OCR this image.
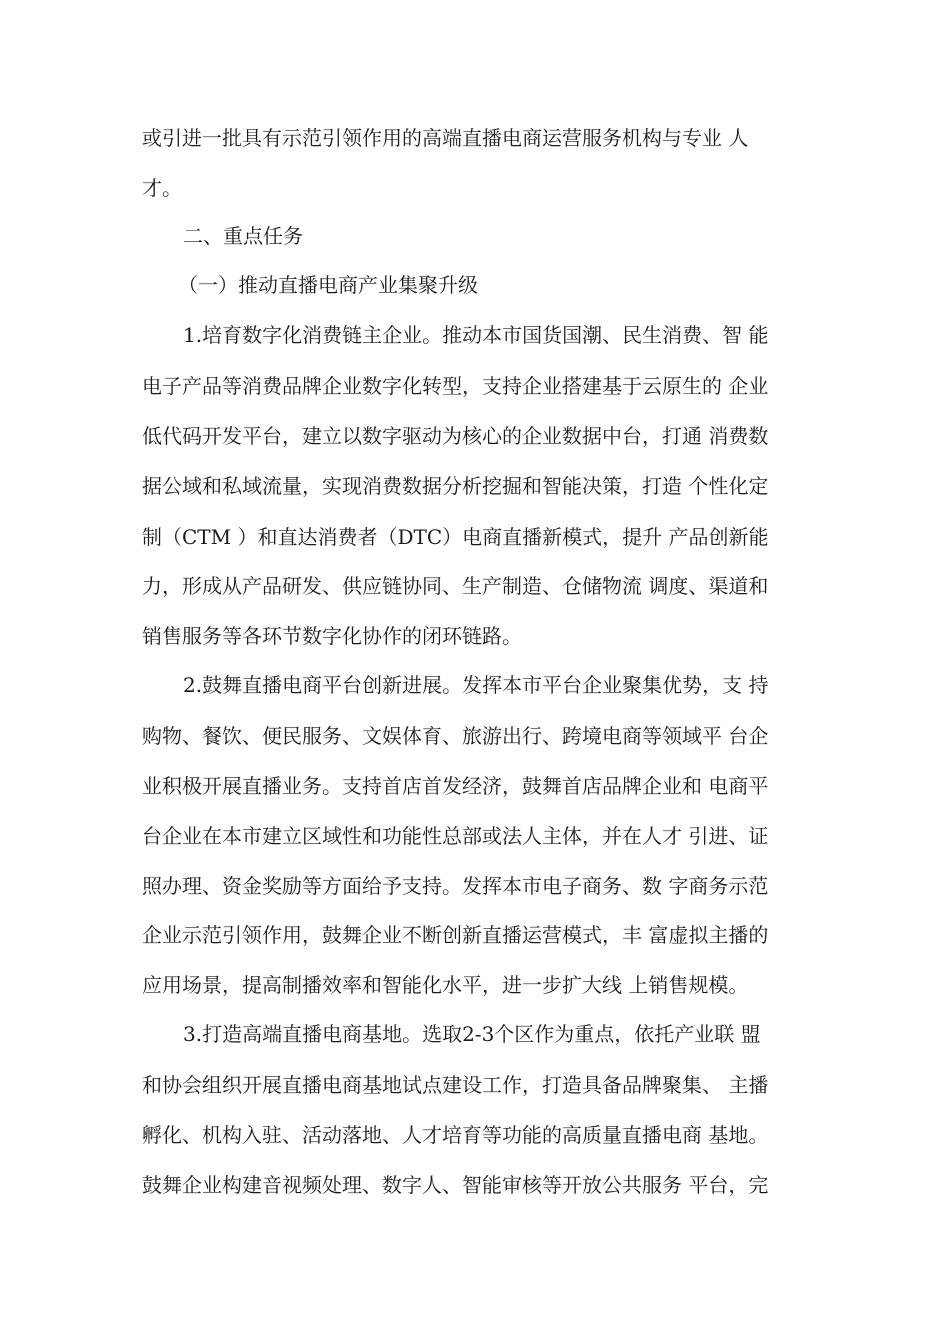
或引进一批具有示范引领作用的高端直播电商运营服务机构与专业 人
才。
二、重点任务
（一）推动直播电商产业集聚升级
1.培育数字化消费链主企业。推动本市国货国潮、民生消费、智 能
电子产品等消费品牌企业数字化转型，支持企业搭建基于云原生的 企业
低代码开发平台，建立以数字驱动为核心的企业数据中台，打通 消费数
据公域和私域流量，实现消费数据分析挖掘和智能决策，打造 个性化定
制（CTM ）和直达消费者（DTC）电商直播新模式，提升 产品创新能
力，形成从产品研发、供应链协同、生产制造、仓储物流 调度、渠道和
销售服务等各环节数字化协作的闭环链路。
2.鼓舞直播电商平台创新进展。发挥本市平台企业聚集优势，支 持
购物、餐饮、便民服务、文娱体育、旅游出行、跨境电商等领域平 台企
业积极开展直播业务。支持首店首发经济，鼓舞首店品牌企业和 电商平
台企业在本市建立区域性和功能性总部或法人主体，并在人才 引进、证
照办理、资金奖励等方面给予支持。发挥本市电子商务、数 字商务示范
企业示范引领作用，鼓舞企业不断创新直播运营模式，丰 富虚拟主播的
应用场景，提高制播效率和智能化水平，进一步扩大线 上销售规模。
3.打造高端直播电商基地。选取2-3个区作为重点，依托产业联 盟
和协会组织开展直播电商基地试点建设工作，打造具备品牌聚集、 主播
孵化、机构入驻、活动落地、人才培育等功能的高质量直播电商 基地。
鼓舞企业构建音视频处理、数字人、智能审核等开放公共服务 平台，完
